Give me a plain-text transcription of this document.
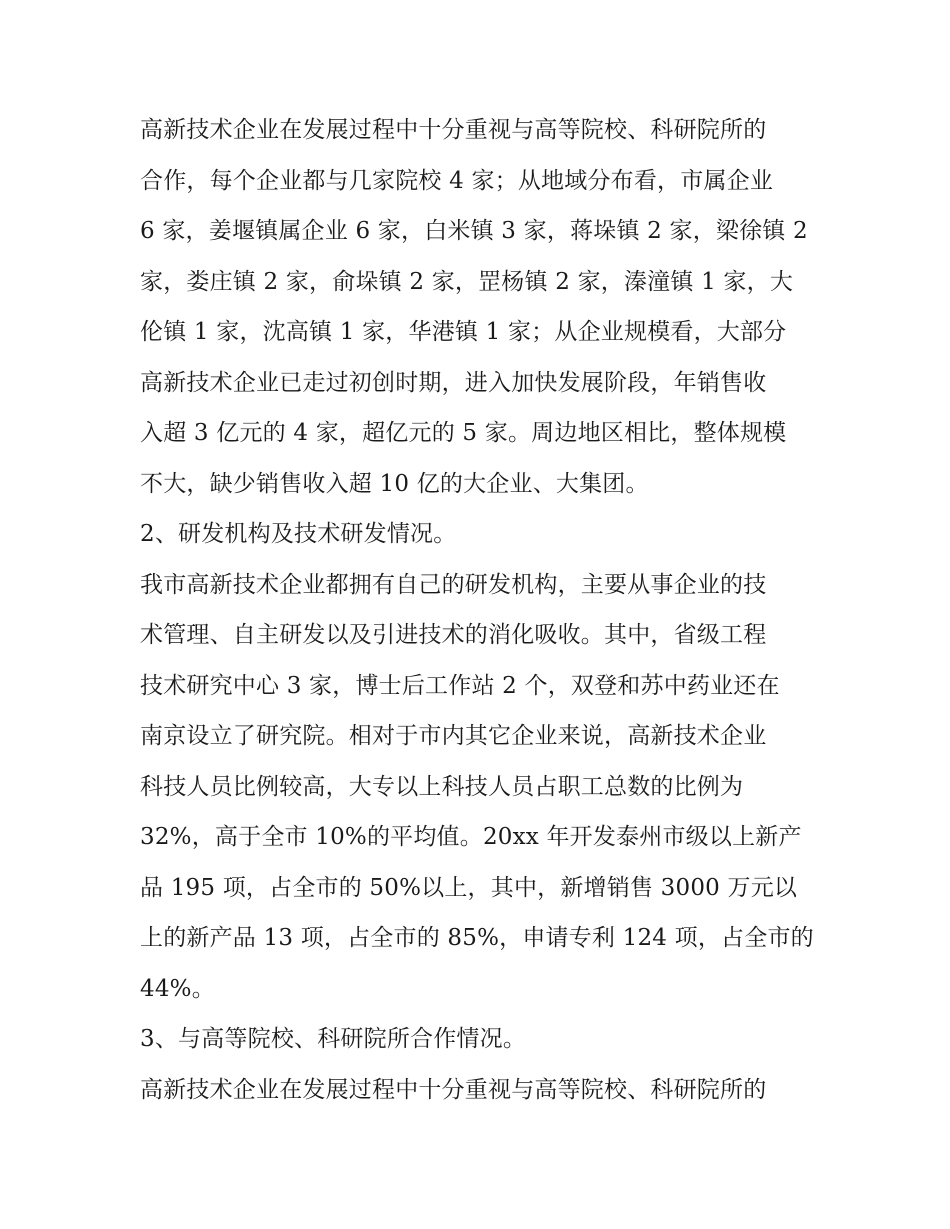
高新技术企业在发展过程中十分重视与高等院校、科研院所的
合作，每个企业都与几家院校 4 家；从地域分布看，市属企业
6 家，姜堰镇属企业 6 家，白米镇 3 家，蒋垛镇 2 家，梁徐镇 2
家，娄庄镇 2 家，俞垛镇 2 家，罡杨镇 2 家，溱潼镇 1 家，大
伦镇 1 家，沈高镇 1 家，华港镇 1 家；从企业规模看，大部分
高新技术企业已走过初创时期，进入加快发展阶段，年销售收
入超 3 亿元的 4 家，超亿元的 5 家。周边地区相比，整体规模
不大，缺少销售收入超 10 亿的大企业、大集团。
2、研发机构及技术研发情况。
我市高新技术企业都拥有自己的研发机构，主要从事企业的技
术管理、自主研发以及引进技术的消化吸收。其中，省级工程
技术研究中心 3 家，博士后工作站 2 个，双登和苏中药业还在
南京设立了研究院。相对于市内其它企业来说，高新技术企业
科技人员比例较高，大专以上科技人员占职工总数的比例为
32%，高于全市 10%的平均值。20xx 年开发泰州市级以上新产
品 195 项，占全市的 50%以上，其中，新增销售 3000 万元以
上的新产品 13 项，占全市的 85%，申请专利 124 项，占全市的
44%。
3、与高等院校、科研院所合作情况。
高新技术企业在发展过程中十分重视与高等院校、科研院所的
